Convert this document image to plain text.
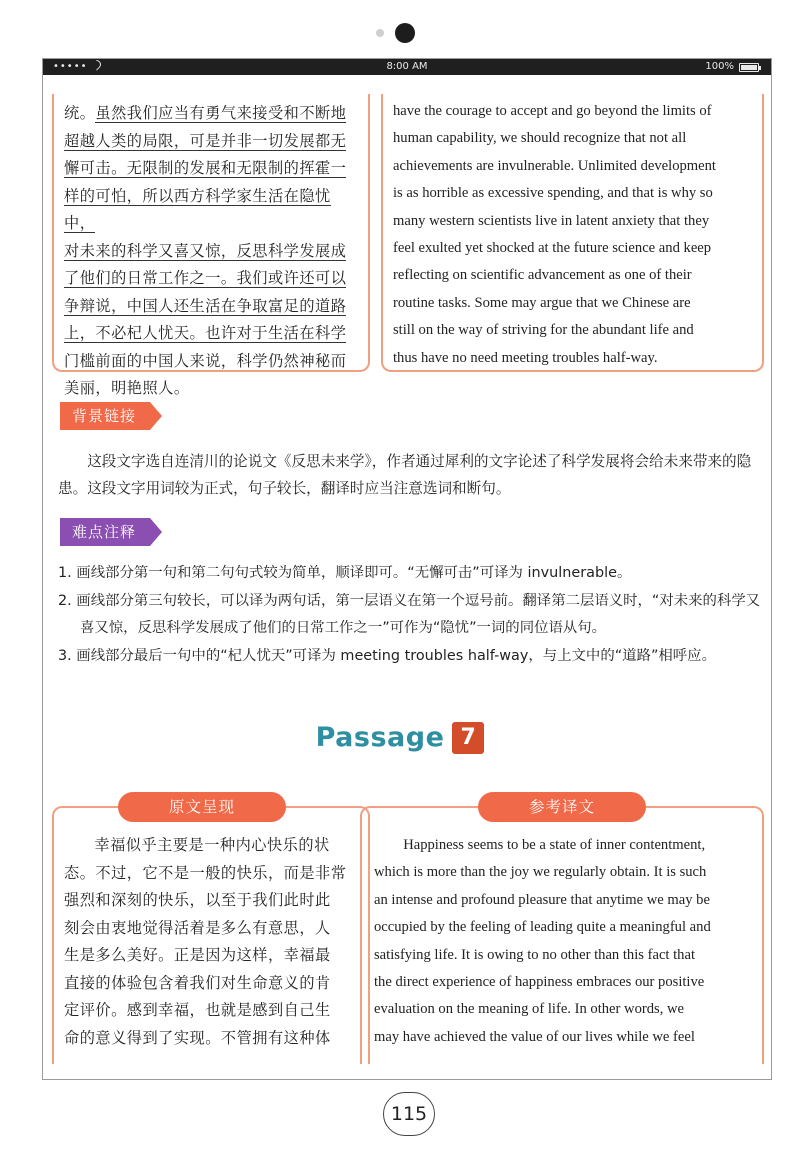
•••••	8:00 AM	100%
统。虽然我们应当有勇气来接受和不断地
超越人类的局限，可是并非一切发展都无
懈可击。无限制的发展和无限制的挥霍一
样的可怕，所以西方科学家生活在隐忧中，
对未来的科学又喜又惊，反思科学发展成
了他们的日常工作之一。我们或许还可以
争辩说，中国人还生活在争取富足的道路
上，不必杞人忧天。也许对于生活在科学
门槛前面的中国人来说，科学仍然神秘而
美丽，明艳照人。
have the courage to accept and go beyond the limits of
human capability, we should recognize that not all
achievements are invulnerable. Unlimited development
is as horrible as excessive spending, and that is why so
many western scientists live in latent anxiety that they
feel exulted yet shocked at the future science and keep
reflecting on scientific advancement as one of their
routine tasks. Some may argue that we Chinese are
still on the way of striving for the abundant life and
thus have no need meeting troubles half-way.
背景链接

这段文字选自连清川的论说文《反思未来学》，作者通过犀利的文字论述了科学发展将会给未来带来的隐患。这段文字用词较为正式，句子较长，翻译时应当注意选词和断句。

难点注释
1. 画线部分第一句和第二句句式较为简单，顺译即可。“无懈可击”可译为 invulnerable。
2. 画线部分第三句较长，可以译为两句话，第一层语义在第一个逗号前。翻译第二层语义时，“对未来的科学又喜又惊，反思科学发展成了他们的日常工作之一”可作为“隐忧”一词的同位语从句。
3. 画线部分最后一句中的“杞人忧天”可译为 meeting troubles half-way，与上文中的“道路”相呼应。
Passage 7
幸福似乎主要是一种内心快乐的状
态。不过，它不是一般的快乐，而是非常
强烈和深刻的快乐，以至于我们此时此
刻会由衷地觉得活着是多么有意思，人
生是多么美好。正是因为这样，幸福最
直接的体验包含着我们对生命意义的肯
定评价。感到幸福，也就是感到自己生
命的意义得到了实现。不管拥有这种体
原文呈现
Happiness seems to be a state of inner contentment,
which is more than the joy we regularly obtain. It is such
an intense and profound pleasure that anytime we may be
occupied by the feeling of leading quite a meaningful and
satisfying life. It is owing to no other than this fact that
the direct experience of happiness embraces our positive
evaluation on the meaning of life. In other words, we
may have achieved the value of our lives while we feel
参考译文
115
